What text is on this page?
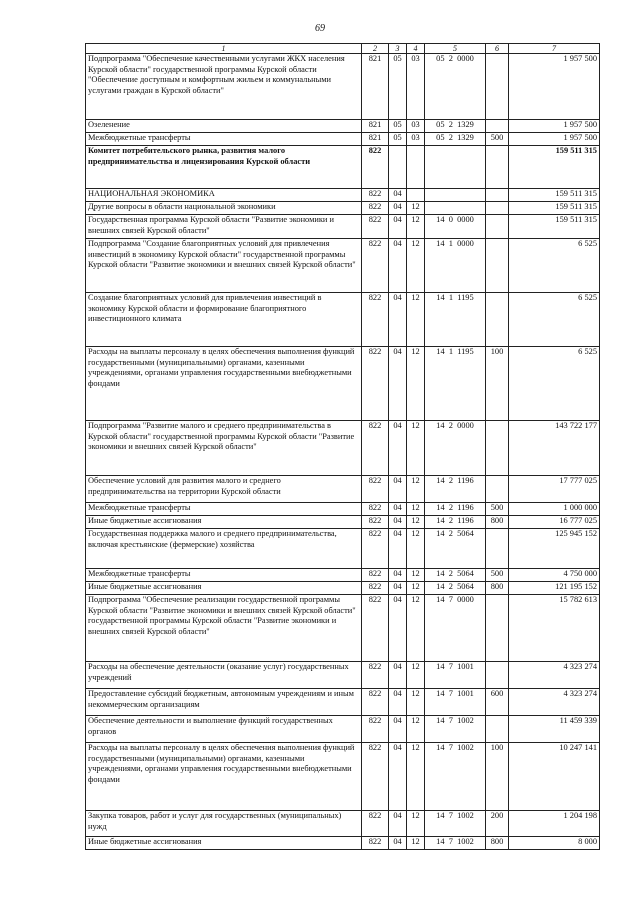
69
1	2	3	4	5	6	7
Подпрограмма "Обеспечение качественными услугами ЖКХ населения Курской области" государственной программы Курской области "Обеспечение доступным и комфортным жильем и коммунальными услугами граждан в Курской области"	821	05	03	05  2  0000		1 957 500
Озеленение	821	05	03	05  2  1329		1 957 500
Межбюджетные трансферты	821	05	03	05  2  1329	500	1 957 500
Комитет потребительского рынка, развития малого предпринимательства и лицензирования Курской области	822					159 511 315
НАЦИОНАЛЬНАЯ ЭКОНОМИКА	822	04				159 511 315
Другие вопросы в области национальной экономики	822	04	12			159 511 315
Государственная программа Курской области "Развитие экономики и внешних связей Курской области"	822	04	12	14  0  0000		159 511 315
Подпрограмма "Создание благоприятных условий для привлечения инвестиций в экономику Курской области" государственной программы Курской области "Развитие экономики и внешних связей Курской области"	822	04	12	14  1  0000		6 525
Создание благоприятных условий для привлечения инвестиций в экономику Курской области и формирование благоприятного инвестиционного климата	822	04	12	14  1  1195		6 525
Расходы на выплаты персоналу в целях обеспечения выполнения функций государственными (муниципальными) органами, казенными учреждениями, органами управления государственными внебюджетными фондами	822	04	12	14  1  1195	100	6 525
Подпрограмма "Развитие малого и среднего предпринимательства в Курской области" государственной программы Курской области "Развитие экономики и внешних связей Курской области"	822	04	12	14  2  0000		143 722 177
Обеспечение условий для развития малого и среднего предпринимательства на территории Курской области	822	04	12	14  2  1196		17 777 025
Межбюджетные трансферты	822	04	12	14  2  1196	500	1 000 000
Иные бюджетные ассигнования	822	04	12	14  2  1196	800	16 777 025
Государственная поддержка малого и среднего предпринимательства, включая крестьянские (фермерские) хозяйства	822	04	12	14  2  5064		125 945 152
Межбюджетные трансферты	822	04	12	14  2  5064	500	4 750 000
Иные бюджетные ассигнования	822	04	12	14  2  5064	800	121 195 152
Подпрограмма "Обеспечение реализации государственной программы Курской области "Развитие экономики и внешних связей Курской области" государственной программы Курской области "Развитие экономики и внешних связей Курской области"	822	04	12	14  7  0000		15 782 613
Расходы на обеспечение деятельности (оказание услуг) государственных учреждений	822	04	12	14  7  1001		4 323 274
Предоставление субсидий бюджетным, автономным учреждениям и иным некоммерческим организациям	822	04	12	14  7  1001	600	4 323 274
Обеспечение деятельности и выполнение функций государственных органов	822	04	12	14  7  1002		11 459 339
Расходы на выплаты персоналу в целях обеспечения выполнения функций государственными (муниципальными) органами, казенными учреждениями, органами управления государственными внебюджетными фондами	822	04	12	14  7  1002	100	10 247 141
Закупка товаров, работ и услуг для государственных (муниципальных) нужд	822	04	12	14  7  1002	200	1 204 198
Иные бюджетные ассигнования	822	04	12	14  7  1002	800	8 000
